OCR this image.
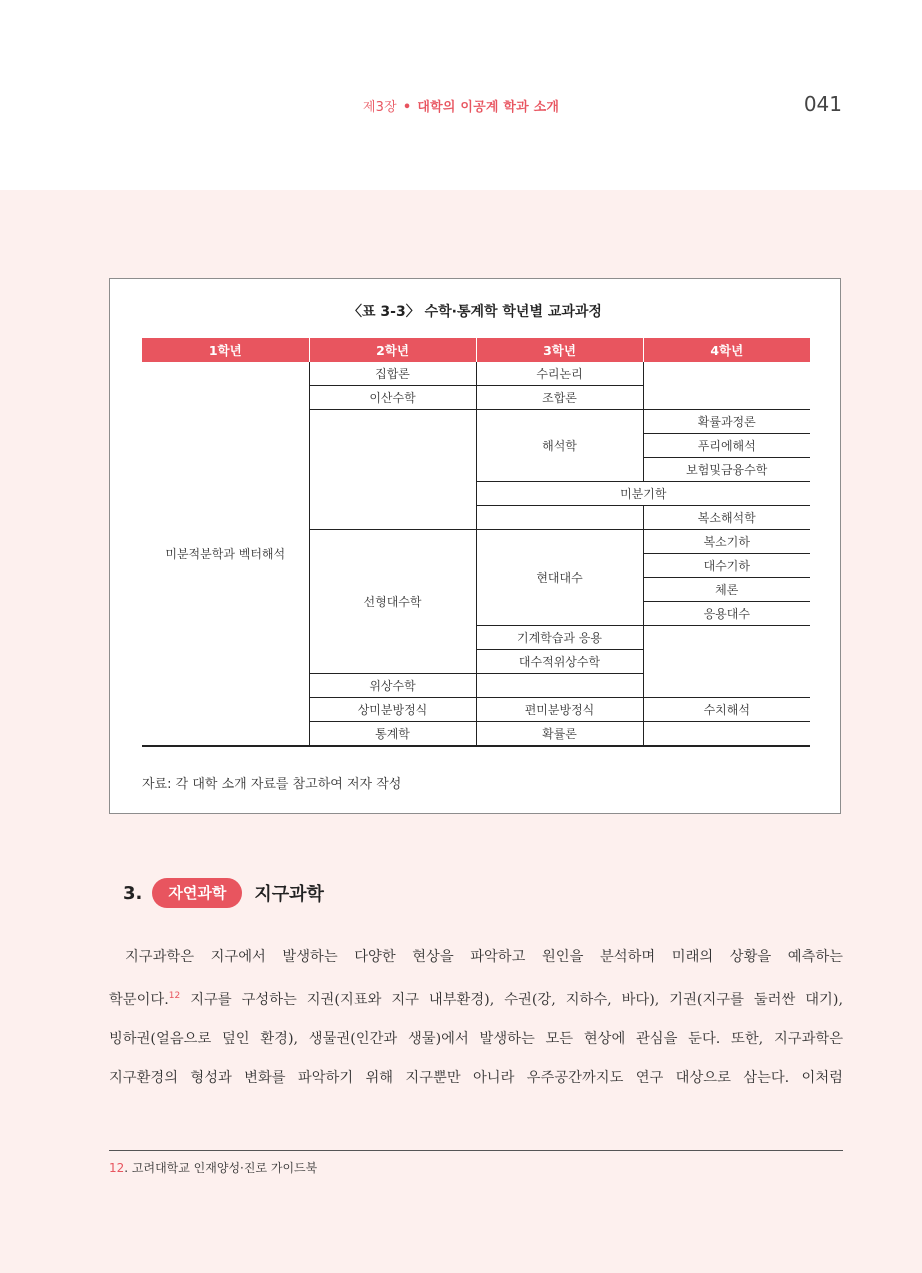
제3장 • 대학의 이공계 학과 소개	041
〈표 3-3〉 수학·통계학 학년별 교과과정
1학년	2학년	3학년	4학년
미분적분학과 벡터해석	집합론	수리논리	
	이산수학	조합론	
		해석학	확률과정론
			푸리에해석
			보험및금융수학
		미분기학	
			복소해석학
	선형대수학	현대대수	복소기하
			대수기하
			체론
			응용대수
		기계학습과 응용	
		대수적위상수학	
	위상수학		
	상미분방정식	편미분방정식	수치해석
	통계학	확률론	
자료: 각 대학 소개 자료를 참고하여 저자 작성
3.	자연과학	지구과학
지구과학은 지구에서 발생하는 다양한 현상을 파악하고 원인을 분석하며 미래의 상황을 예측하는
학문이다.$^{12}$ 지구를 구성하는 지권(지표와 지구 내부환경), 수권(강, 지하수, 바다), 기권(지구를 둘러싼 대기),
빙하권(얼음으로 덮인 환경), 생물권(인간과 생물)에서 발생하는 모든 현상에 관심을 둔다. 또한, 지구과학은
지구환경의 형성과 변화를 파악하기 위해 지구뿐만 아니라 우주공간까지도 연구 대상으로 삼는다. 이처럼
12. 고려대학교 인재양성·진로 가이드북
